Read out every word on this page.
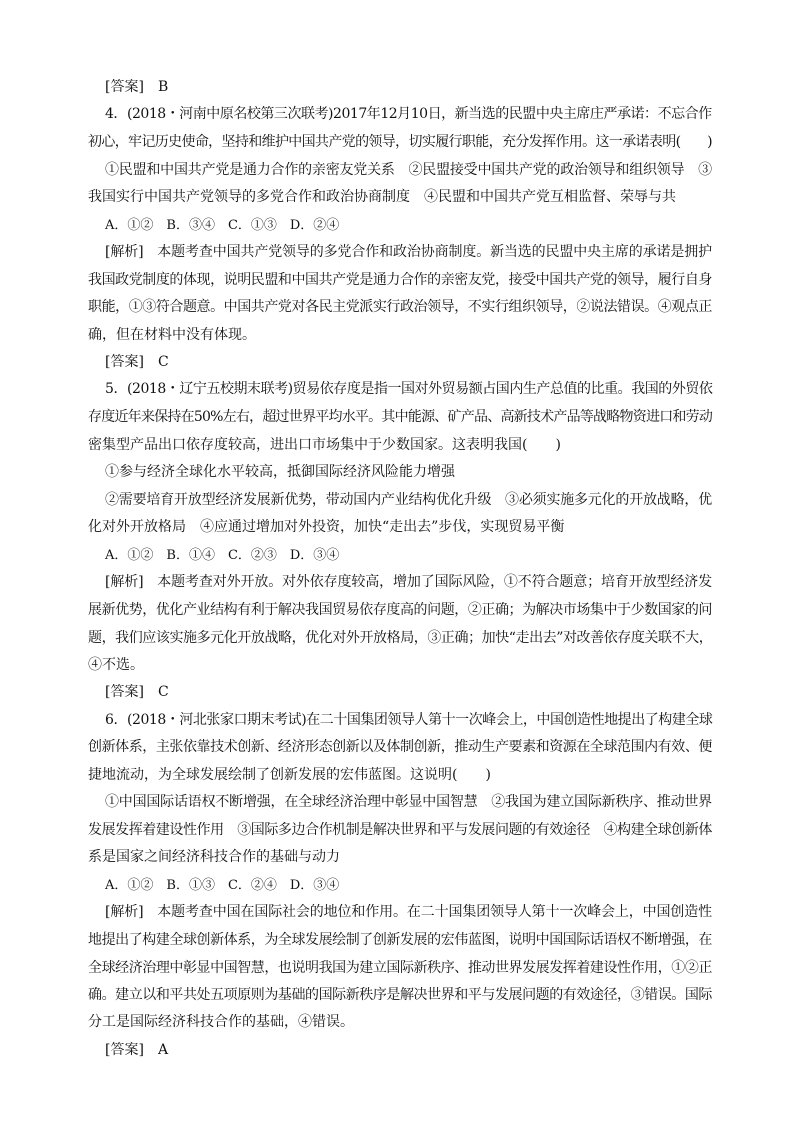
[答案] B
4．(2018・河南中原名校第三次联考)2017年12月10日，新当选的民盟中央主席庄严承诺：不忘合作
初心，牢记历史使命，坚持和维护中国共产党的领导，切实履行职能，充分发挥作用。这一承诺表明(　　)
①民盟和中国共产党是通力合作的亲密友党关系　②民盟接受中国共产党的政治领导和组织领导　③
我国实行中国共产党领导的多党合作和政治协商制度　④民盟和中国共产党互相监督、荣辱与共
A．①②　B．③④　C．①③　D．②④
[解析]　本题考查中国共产党领导的多党合作和政治协商制度。新当选的民盟中央主席的承诺是拥护
我国政党制度的体现，说明民盟和中国共产党是通力合作的亲密友党，接受中国共产党的领导，履行自身
职能，①③符合题意。中国共产党对各民主党派实行政治领导，不实行组织领导，②说法错误。④观点正
确，但在材料中没有体现。
[答案] C
5．(2018・辽宁五校期末联考)贸易依存度是指一国对外贸易额占国内生产总值的比重。我国的外贸依
存度近年来保持在50%左右，超过世界平均水平。其中能源、矿产品、高新技术产品等战略物资进口和劳动
密集型产品出口依存度较高，进出口市场集中于少数国家。这表明我国(　　)
①参与经济全球化水平较高，抵御国际经济风险能力增强
②需要培育开放型经济发展新优势，带动国内产业结构优化升级　③必须实施多元化的开放战略，优
化对外开放格局　④应通过增加对外投资，加快“走出去”步伐，实现贸易平衡
A．①②　B．①④　C．②③　D．③④
[解析]　本题考查对外开放。对外依存度较高，增加了国际风险，①不符合题意；培育开放型经济发
展新优势，优化产业结构有利于解决我国贸易依存度高的问题，②正确；为解决市场集中于少数国家的问
题，我们应该实施多元化开放战略，优化对外开放格局，③正确；加快“走出去”对改善依存度关联不大，
④不选。
[答案] C
6．(2018・河北张家口期末考试)在二十国集团领导人第十一次峰会上，中国创造性地提出了构建全球
创新体系，主张依靠技术创新、经济形态创新以及体制创新，推动生产要素和资源在全球范围内有效、便
捷地流动，为全球发展绘制了创新发展的宏伟蓝图。这说明(　　)
①中国国际话语权不断增强，在全球经济治理中彰显中国智慧　②我国为建立国际新秩序、推动世界
发展发挥着建设性作用　③国际多边合作机制是解决世界和平与发展问题的有效途径　④构建全球创新体
系是国家之间经济科技合作的基础与动力
A．①②　B．①③　C．②④　D．③④
[解析]　本题考查中国在国际社会的地位和作用。在二十国集团领导人第十一次峰会上，中国创造性
地提出了构建全球创新体系，为全球发展绘制了创新发展的宏伟蓝图，说明中国国际话语权不断增强，在
全球经济治理中彰显中国智慧，也说明我国为建立国际新秩序、推动世界发展发挥着建设性作用，①②正
确。建立以和平共处五项原则为基础的国际新秩序是解决世界和平与发展问题的有效途径，③错误。国际
分工是国际经济科技合作的基础，④错误。
[答案] A
